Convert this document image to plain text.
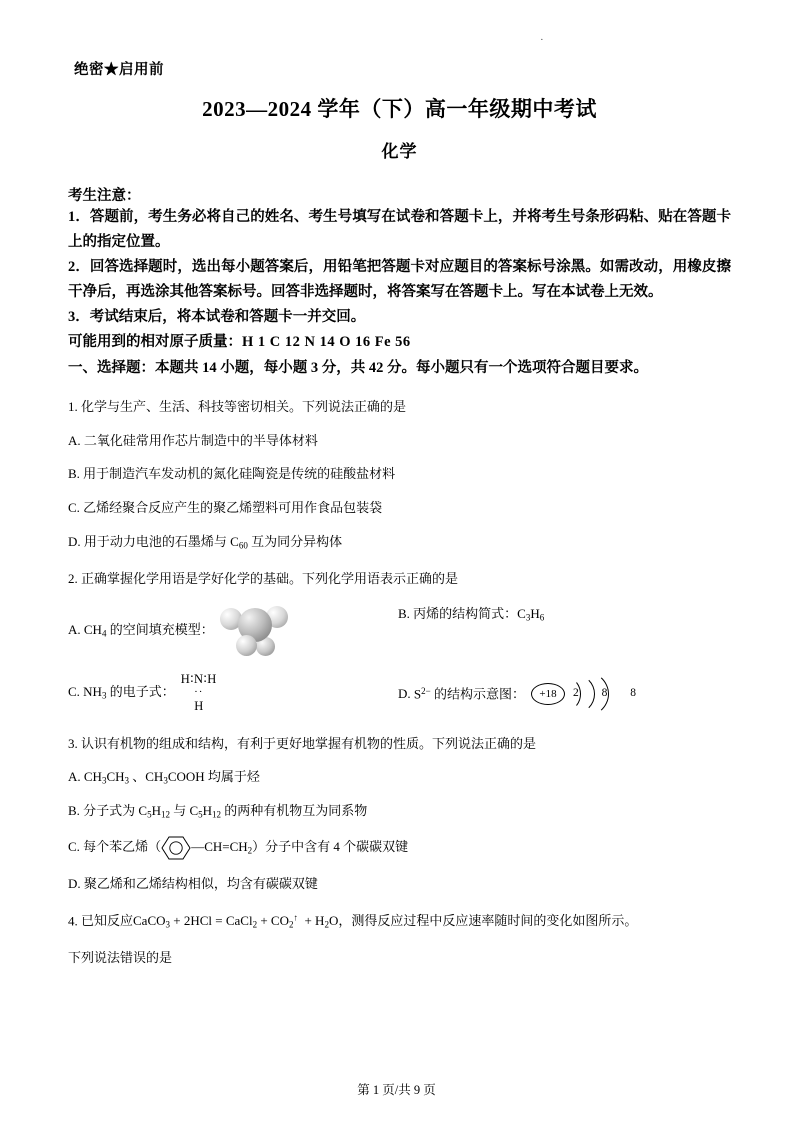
·
绝密★启用前
2023—2024 学年（下）高一年级期中考试
化学
考生注意：
1．答题前，考生务必将自己的姓名、考生号填写在试卷和答题卡上，并将考生号条形码粘、贴在答题卡上的指定位置。
2．回答选择题时，选出每小题答案后，用铅笔把答题卡对应题目的答案标号涂黑。如需改动，用橡皮擦干净后，再选涂其他答案标号。回答非选择题时，将答案写在答题卡上。写在本试卷上无效。
3．考试结束后，将本试卷和答题卡一并交回。
可能用到的相对原子质量：H 1 C 12 N 14 O 16 Fe 56
一、选择题：本题共 14 小题，每小题 3 分，共 42 分。每小题只有一个选项符合题目要求。
1. 化学与生产、生活、科技等密切相关。下列说法正确的是
A. 二氧化硅常用作芯片制造中的半导体材料
B. 用于制造汽车发动机的氮化硅陶瓷是传统的硅酸盐材料
C. 乙烯经聚合反应产生的聚乙烯塑料可用作食品包装袋
D. 用于动力电池的石墨烯与 $C_{60}$ 互为同分异构体
2. 正确掌握化学用语是学好化学的基础。下列化学用语表示正确的是
A.
$CH_4$ 的空间填充模型：
B.
丙烯的结构简式：$C_3H_6$
C.
$NH_3$ 的电子式：
H∶N∶H
··
H
D.
$S^{2-}$ 的结构示意图：	+18	2 8 8
3. 认识有机物的组成和结构，有利于更好地掌握有机物的性质。下列说法正确的是
A. $CH_3CH_3$ 、$CH_3COOH$ 均属于烃
B. 分子式为 $C_5H_{12}$ 与 $C_5H_{12}$ 的两种有机物互为同系物
C. 每个苯乙烯（ $—CH=CH_2$ ）分子中含有 4 个碳碳双键
D. 聚乙烯和乙烯结构相似，均含有碳碳双键
4. 已知反应CaCO$_3$ + 2HCl = CaCl$_2$ + $CO_2^↑ + H_2O$，测得反应过程中反应速率随时间的变化如图所示。
下列说法错误的是
第 1 页/共 9 页
